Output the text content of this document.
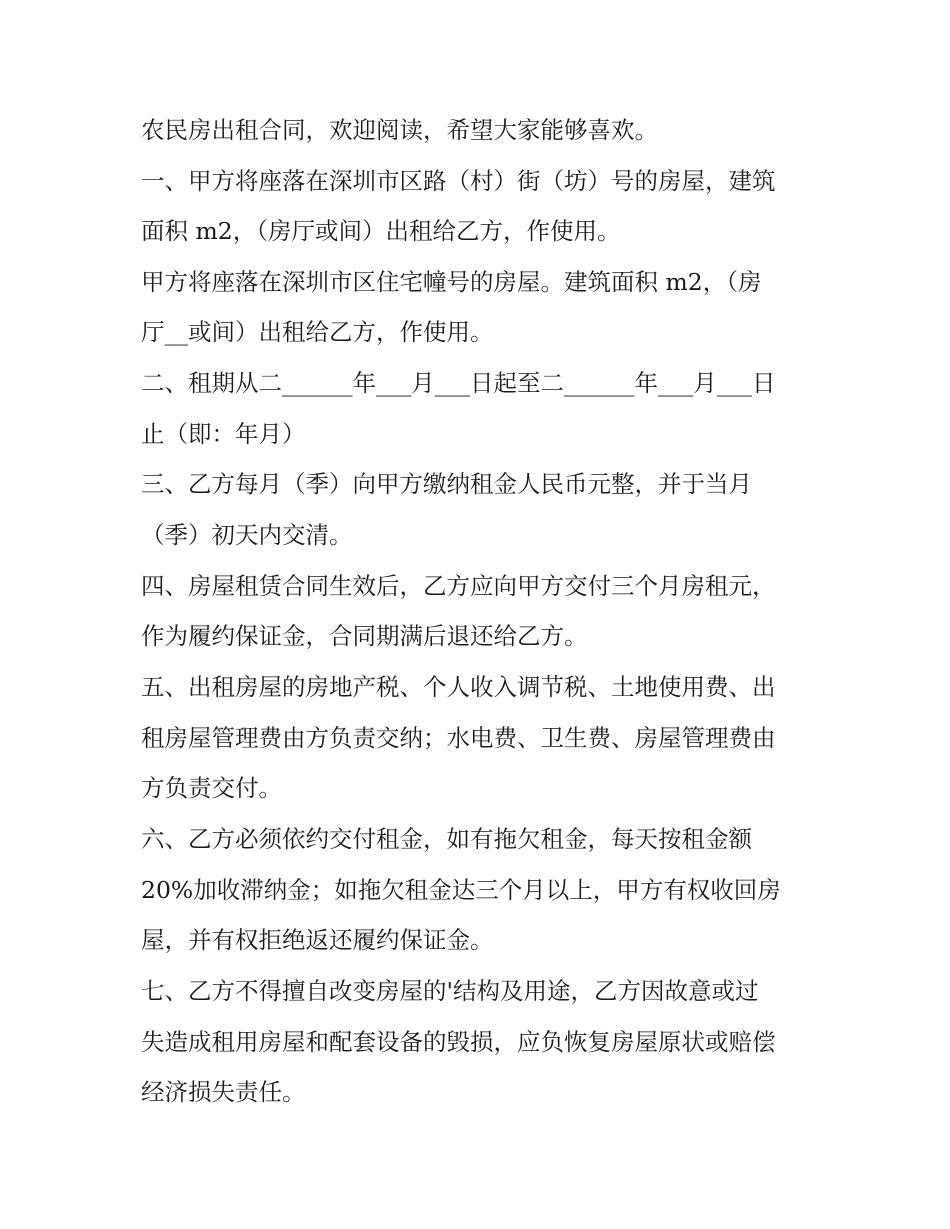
农民房出租合同，欢迎阅读，希望大家能够喜欢。

一、甲方将座落在深圳市区路（村）街（坊）号的房屋，建筑

面积 m2，（房厅或间）出租给乙方，作使用。

甲方将座落在深圳市区住宅幢号的房屋。建筑面积 m2，（房

厅__或间）出租给乙方，作使用。

二、租期从二______年___月___日起至二______年___月___日

止（即：年月）

三、乙方每月（季）向甲方缴纳租金人民币元整，并于当月

（季）初天内交清。

四、房屋租赁合同生效后，乙方应向甲方交付三个月房租元，

作为履约保证金，合同期满后退还给乙方。

五、出租房屋的房地产税、个人收入调节税、土地使用费、出

租房屋管理费由方负责交纳；水电费、卫生费、房屋管理费由

方负责交付。

六、乙方必须依约交付租金，如有拖欠租金，每天按租金额

20%加收滞纳金；如拖欠租金达三个月以上，甲方有权收回房

屋，并有权拒绝返还履约保证金。

七、乙方不得擅自改变房屋的'结构及用途，乙方因故意或过

失造成租用房屋和配套设备的毁损，应负恢复房屋原状或赔偿

经济损失责任。
